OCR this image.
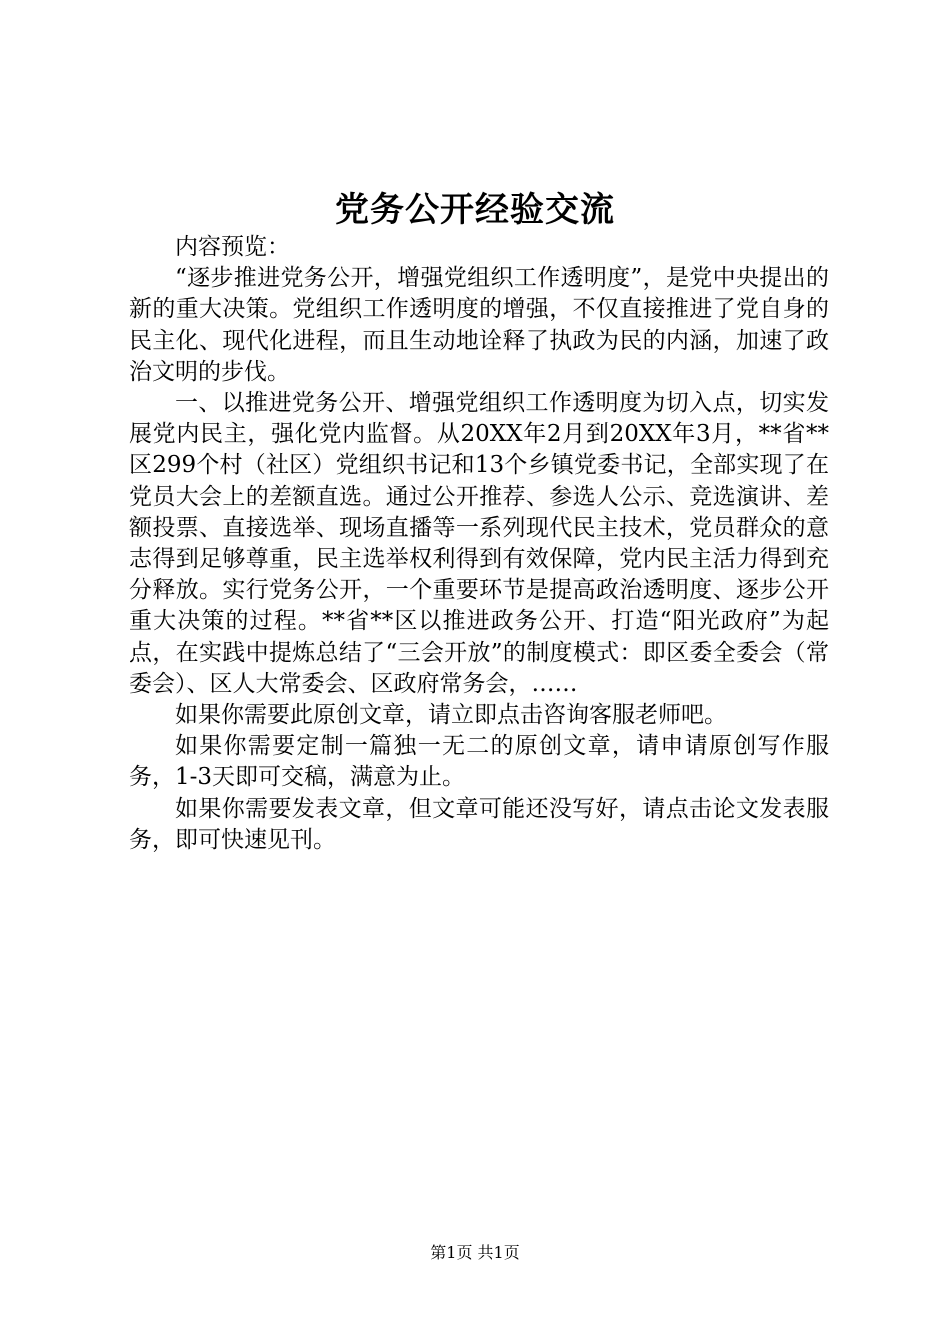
党务公开经验交流

内容预览：

“逐步推进党务公开，增强党组织工作透明度”，是党中央提出的新的重大决策。党组织工作透明度的增强，不仅直接推进了党自身的民主化、现代化进程，而且生动地诠释了执政为民的内涵，加速了政治文明的步伐。

一、以推进党务公开、增强党组织工作透明度为切入点，切实发展党内民主，强化党内监督。从20XX年2月到20XX年3月，**省**区299个村（社区）党组织书记和13个乡镇党委书记，全部实现了在党员大会上的差额直选。通过公开推荐、参选人公示、竞选演讲、差额投票、直接选举、现场直播等一系列现代民主技术，党员群众的意志得到足够尊重，民主选举权利得到有效保障，党内民主活力得到充分释放。实行党务公开，一个重要环节是提高政治透明度、逐步公开重大决策的过程。**省**区以推进政务公开、打造“阳光政府”为起点，在实践中提炼总结了“三会开放”的制度模式：即区委全委会（常委会）、区人大常委会、区政府常务会，……

如果你需要此原创文章，请立即点击咨询客服老师吧。

如果你需要定制一篇独一无二的原创文章，请申请原创写作服务，1-3天即可交稿，满意为止。

如果你需要发表文章，但文章可能还没写好，请点击论文发表服务，即可快速见刊。

第1页 共1页
